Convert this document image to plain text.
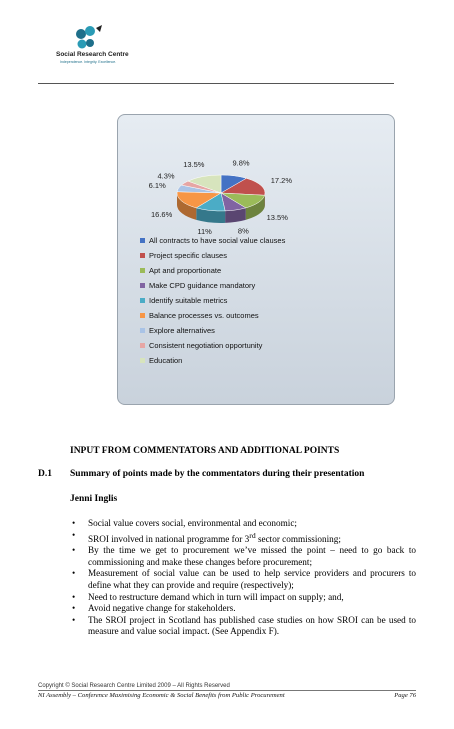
Social Research Centre
Independence. Integrity. Excellence.
9.8%
17.2%
13.5%
8%
11%
16.6%
6.1%
4.3%
13.5%
All contracts to have social value clauses
Project specific clauses
Apt and proportionate
Make CPD guidance mandatory
Identify suitable metrics
Balance processes vs. outcomes
Explore alternatives
Consistent negotiation opportunity
Education
INPUT FROM COMMENTATORS AND ADDITIONAL POINTS
D.1 Summary of points made by the commentators during their presentation
Jenni Inglis
• Social value covers social, environmental and economic;
• SROI involved in national programme for 3rd sector commissioning;
• By the time we get to procurement we’ve missed the point – need to go back to commissioning and make these changes before procurement;
• Measurement of social value can be used to help service providers and procurers to define what they can provide and require (respectively);
• Need to restructure demand which in turn will impact on supply; and,
• Avoid negative change for stakeholders.
• The SROI project in Scotland has published case studies on how SROI can be used to measure and value social impact. (See Appendix F).
Copyright © Social Research Centre Limited 2009 – All Rights Reserved
NI Assembly – Conference Maximising Economic & Social Benefits from Public Procurement	Page 76
